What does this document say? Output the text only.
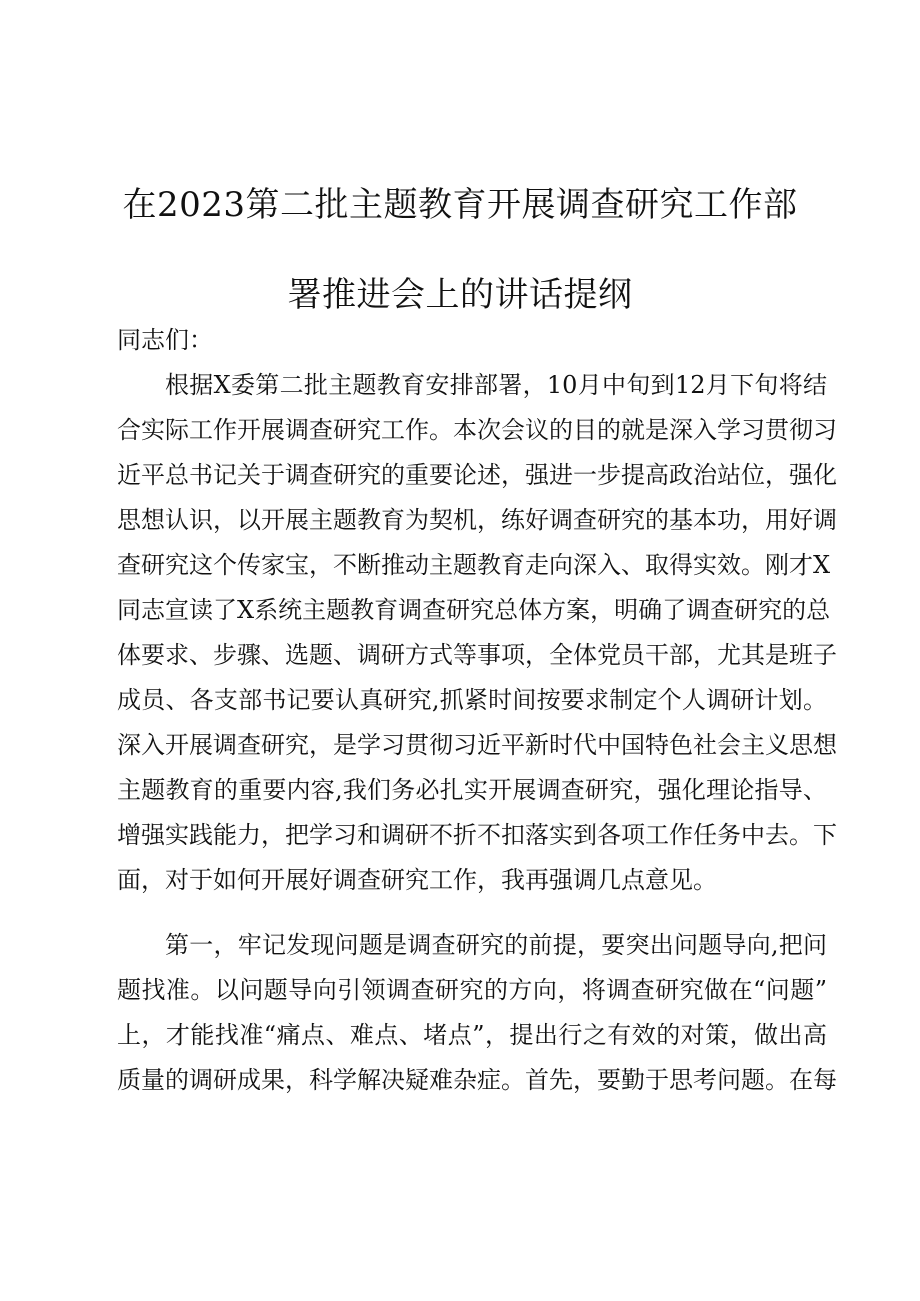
在2023第二批主题教育开展调查研究工作部
署推进会上的讲话提纲
同志们：
根据X委第二批主题教育安排部署，10月中旬到12月下旬将结
合实际工作开展调查研究工作。本次会议的目的就是深入学习贯彻习
近平总书记关于调查研究的重要论述，强进一步提高政治站位，强化
思想认识，以开展主题教育为契机，练好调查研究的基本功，用好调
查研究这个传家宝，不断推动主题教育走向深入、取得实效。刚才X
同志宣读了X系统主题教育调查研究总体方案，明确了调查研究的总
体要求、步骤、选题、调研方式等事项，全体党员干部，尤其是班子
成员、各支部书记要认真研究,抓紧时间按要求制定个人调研计划。
深入开展调查研究，是学习贯彻习近平新时代中国特色社会主义思想
主题教育的重要内容,我们务必扎实开展调查研究，强化理论指导、
增强实践能力，把学习和调研不折不扣落实到各项工作任务中去。下
面，对于如何开展好调查研究工作，我再强调几点意见。
第一，牢记发现问题是调查研究的前提，要突出问题导向,把问
题找准。以问题导向引领调查研究的方向，将调查研究做在“问题”
上，才能找准“痛点、难点、堵点”，提出行之有效的对策，做出高
质量的调研成果，科学解决疑难杂症。首先，要勤于思考问题。在每
